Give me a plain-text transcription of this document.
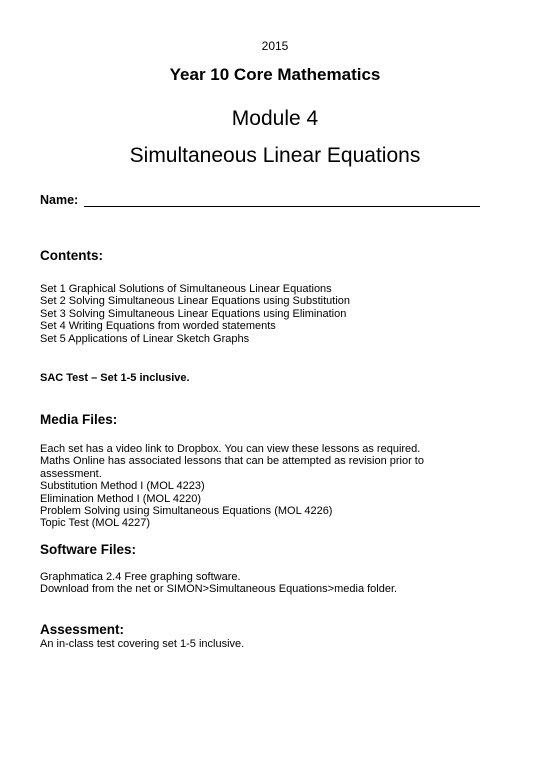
2015
Year 10 Core Mathematics
Module 4
Simultaneous Linear Equations
Name:
Contents:
Set 1 Graphical Solutions of Simultaneous Linear Equations
Set 2 Solving Simultaneous Linear Equations using Substitution
Set 3 Solving Simultaneous Linear Equations using Elimination
Set 4 Writing Equations from worded statements
Set 5 Applications of Linear Sketch Graphs
SAC Test – Set 1-5 inclusive.
Media Files:
Each set has a video link to Dropbox. You can view these lessons as required.
Maths Online has associated lessons that can be attempted as revision prior to assessment.
Substitution Method I (MOL 4223)
Elimination Method I (MOL 4220)
Problem Solving using Simultaneous Equations (MOL 4226)
Topic Test (MOL 4227)
Software Files:
Graphmatica 2.4 Free graphing software.
Download from the net or SIMON>Simultaneous Equations>media folder.
Assessment:
An in-class test covering set 1-5 inclusive.
